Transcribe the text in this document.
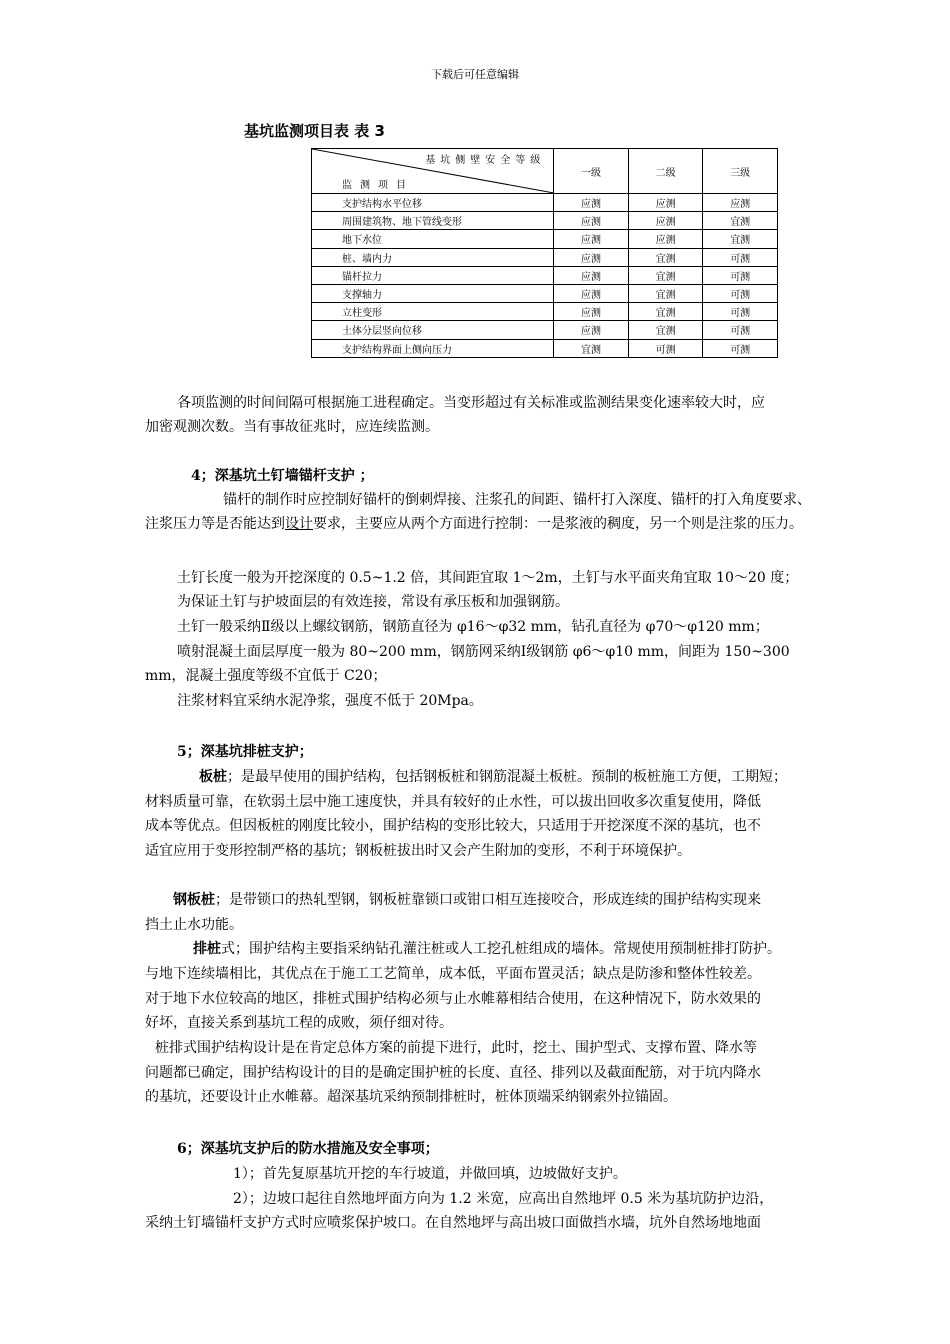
下载后可任意编辑
基坑监测项目表 表 3
基坑侧壁安全等级
监测项目	一级	二级	三级
支护结构水平位移	应测	应测	应测
周围建筑物、地下管线变形	应测	应测	宜测
地下水位	应测	应测	宜测
桩、墙内力	应测	宜测	可测
锚杆拉力	应测	宜测	可测
支撑轴力	应测	宜测	可测
立柱变形	应测	宜测	可测
土体分层竖向位移	应测	宜测	可测
支护结构界面上侧向压力	宜测	可测	可测
各项监测的时间间隔可根据施工进程确定。当变形超过有关标准或监测结果变化速率较大时，应
加密观测次数。当有事故征兆时，应连续监测。
4；深基坑土钉墙锚杆支护 ；
锚杆的制作时应控制好锚杆的倒刺焊接、注浆孔的间距、锚杆打入深度、锚杆的打入角度要求、
注浆压力等是否能达到设计要求，主要应从两个方面进行控制：一是浆液的稠度，另一个则是注浆的压力。
土钉长度一般为开挖深度的 0.5~1.2 倍，其间距宜取 1～2m，土钉与水平面夹角宜取 10～20 度；
为保证土钉与护坡面层的有效连接，常设有承压板和加强钢筋。
土钉一般采纳Ⅱ级以上螺纹钢筋，钢筋直径为 φ16～φ32 mm，钻孔直径为 φ70～φ120 mm；
喷射混凝土面层厚度一般为 80~200 mm，钢筋网采纳Ⅰ级钢筋 φ6～φ10 mm，间距为 150~300
mm，混凝土强度等级不宜低于 C20；
注浆材料宜采纳水泥净浆，强度不低于 20Mpa。
5；深基坑排桩支护；
板桩；是最早使用的围护结构，包括钢板桩和钢筋混凝土板桩。预制的板桩施工方便，工期短；
材料质量可靠，在软弱土层中施工速度快，并具有较好的止水性，可以拔出回收多次重复使用，降低
成本等优点。但因板桩的刚度比较小，围护结构的变形比较大，只适用于开挖深度不深的基坑，也不
适宜应用于变形控制严格的基坑；钢板桩拔出时又会产生附加的变形，不利于环境保护。
钢板桩；是带锁口的热轧型钢，钢板桩靠锁口或钳口相互连接咬合，形成连续的围护结构实现来
挡土止水功能。
排桩式；围护结构主要指采纳钻孔灌注桩或人工挖孔桩组成的墙体。常规使用预制桩排打防护。
与地下连续墙相比，其优点在于施工工艺简单，成本低，平面布置灵活；缺点是防渗和整体性较差。
对于地下水位较高的地区，排桩式围护结构必须与止水帷幕相结合使用，在这种情况下，防水效果的
好坏，直接关系到基坑工程的成败，须仔细对待。
桩排式围护结构设计是在肯定总体方案的前提下进行，此时，挖土、围护型式、支撑布置、降水等
问题都已确定，围护结构设计的目的是确定围护桩的长度、直径、排列以及截面配筋，对于坑内降水
的基坑，还要设计止水帷幕。超深基坑采纳预制排桩时，桩体顶端采纳钢索外拉锚固。
6；深基坑支护后的防水措施及安全事项；
1）；首先复原基坑开挖的车行坡道，并做回填，边坡做好支护。
2）；边坡口起往自然地坪面方向为 1.2 米宽，应高出自然地坪 0.5 米为基坑防护边沿，
采纳土钉墙锚杆支护方式时应喷浆保护坡口。在自然地坪与高出坡口面做挡水墙，坑外自然场地地面
